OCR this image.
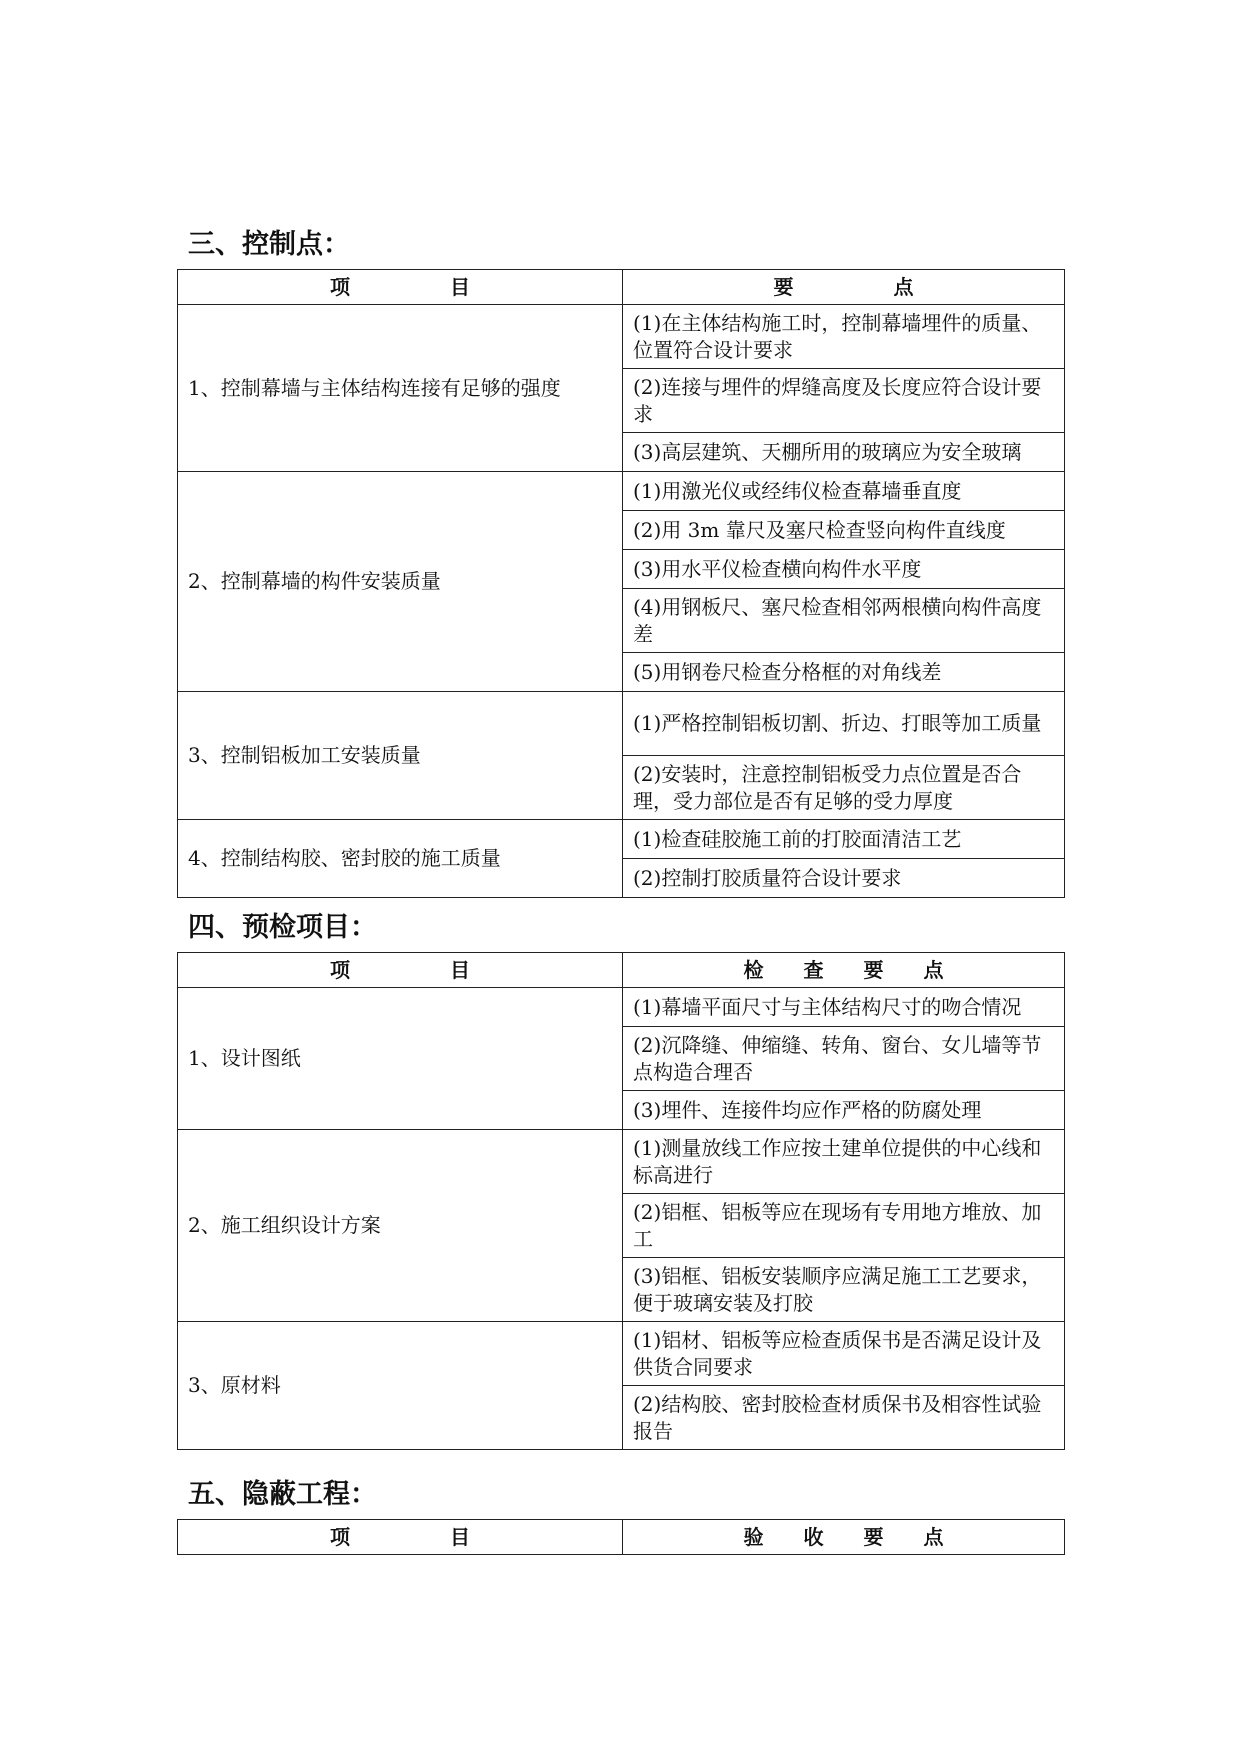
三、控制点：
项　　　　　目	要　　　　　点
1、控制幕墙与主体结构连接有足够的强度	(1)在主体结构施工时，控制幕墙埋件的质量、位置符合设计要求
	(2)连接与埋件的焊缝高度及长度应符合设计要求
	(3)高层建筑、天棚所用的玻璃应为安全玻璃
2、控制幕墙的构件安装质量	(1)用激光仪或经纬仪检查幕墙垂直度
	(2)用 3m 靠尺及塞尺检查竖向构件直线度
	(3)用水平仪检查横向构件水平度
	(4)用钢板尺、塞尺检查相邻两根横向构件高度差
	(5)用钢卷尺检查分格框的对角线差
3、控制铝板加工安装质量	(1)严格控制铝板切割、折边、打眼等加工质量
	(2)安装时，注意控制铝板受力点位置是否合理，受力部位是否有足够的受力厚度
4、控制结构胶、密封胶的施工质量	(1)检查硅胶施工前的打胶面清洁工艺
	(2)控制打胶质量符合设计要求
四、预检项目：
项　　　　　目	检　　查　　要　　点
1、设计图纸	(1)幕墙平面尺寸与主体结构尺寸的吻合情况
	(2)沉降缝、伸缩缝、转角、窗台、女儿墙等节点构造合理否
	(3)埋件、连接件均应作严格的防腐处理
2、施工组织设计方案	(1)测量放线工作应按土建单位提供的中心线和标高进行
	(2)铝框、铝板等应在现场有专用地方堆放、加工
	(3)铝框、铝板安装顺序应满足施工工艺要求，便于玻璃安装及打胶
3、原材料	(1)铝材、铝板等应检查质保书是否满足设计及供货合同要求
	(2)结构胶、密封胶检查材质保书及相容性试验报告
五、隐蔽工程：
项　　　　　目	验　　收　　要　　点
